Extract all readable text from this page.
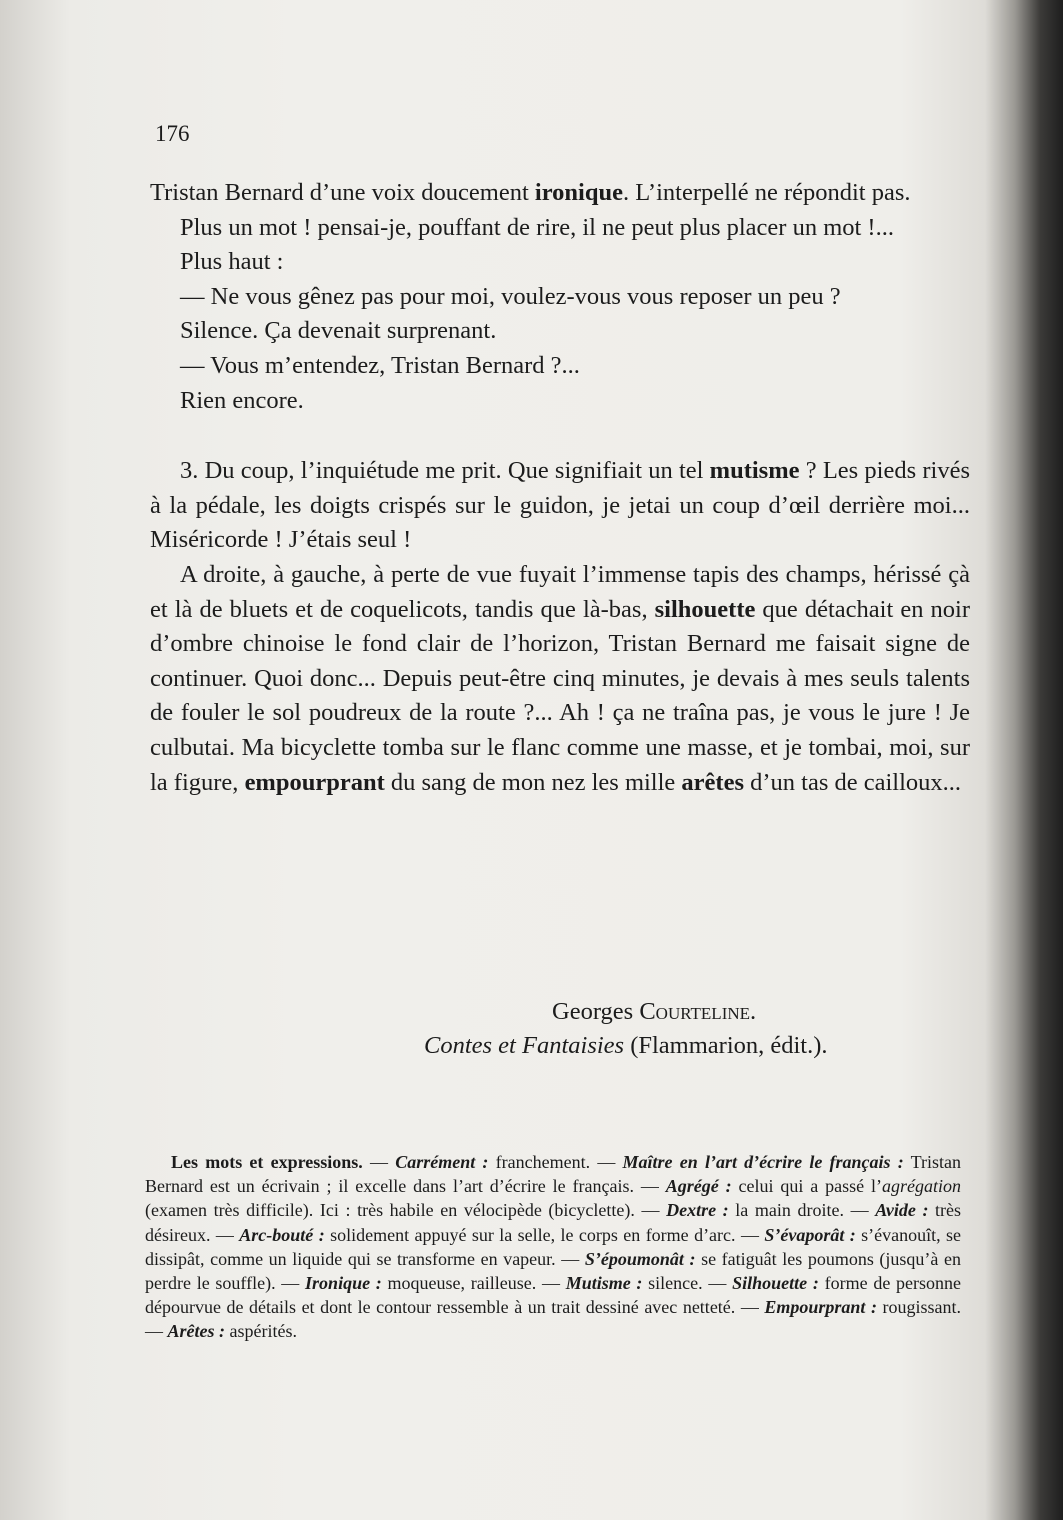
176

Tristan Bernard d’une voix doucement ironique. L’interpellé ne répondit pas.

Plus un mot ! pensai-je, pouffant de rire, il ne peut plus placer un mot !...

Plus haut :

— Ne vous gênez pas pour moi, voulez-vous vous reposer un peu ?

Silence. Ça devenait surprenant.

— Vous m’entendez, Tristan Bernard ?...

Rien encore.

3. Du coup, l’inquiétude me prit. Que signifiait un tel mutisme ? Les pieds rivés à la pédale, les doigts crispés sur le guidon, je jetai un coup d’œil derrière moi... Miséricorde ! J’étais seul !

A droite, à gauche, à perte de vue fuyait l’immense tapis des champs, hérissé çà et là de bluets et de coquelicots, tandis que là-bas, silhouette que détachait en noir d’ombre chinoise le fond clair de l’horizon, Tristan Bernard me faisait signe de continuer. Quoi donc... Depuis peut-être cinq minutes, je devais à mes seuls talents de fouler le sol poudreux de la route ?... Ah ! ça ne traîna pas, je vous le jure ! Je culbutai. Ma bicyclette tomba sur le flanc comme une masse, et je tombai, moi, sur la figure, empourprant du sang de mon nez les mille arêtes d’un tas de cailloux...

Georges Courteline.
Contes et Fantaisies (Flammarion, édit.).
Les mots et expressions. — Carrément : franchement. — Maître en l’art d’écrire le français : Tristan Bernard est un écrivain ; il excelle dans l’art d’écrire le français. — Agrégé : celui qui a passé l’agrégation (examen très difficile). Ici : très habile en vélocipède (bicyclette). — Dextre : la main droite. — Avide : très désireux. — Arc-bouté : solidement appuyé sur la selle, le corps en forme d’arc. — S’évaporât : s’évanouît, se dissipât, comme un liquide qui se transforme en vapeur. — S’époumonât : se fatiguât les poumons (jusqu’à en perdre le souffle). — Ironique : moqueuse, railleuse. — Mutisme : silence. — Silhouette : forme de personne dépourvue de détails et dont le contour ressemble à un trait dessiné avec netteté. — Empourprant : rougissant. — Arêtes : aspérités.
